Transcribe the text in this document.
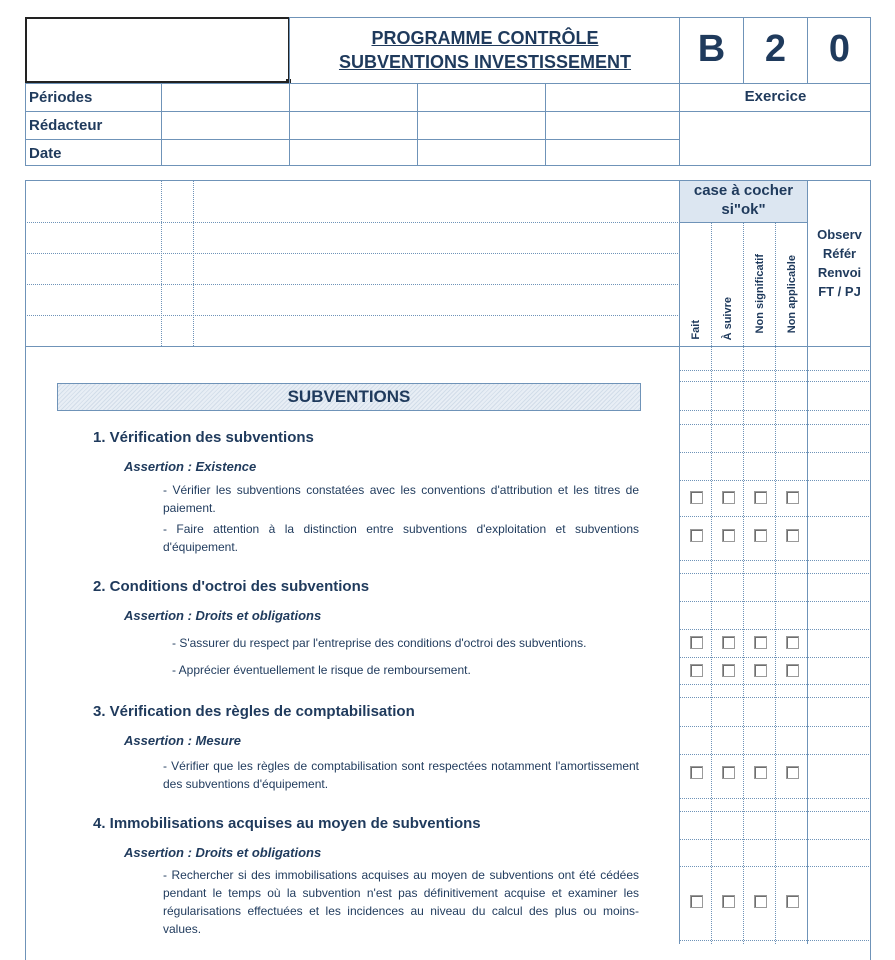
PROGRAMME CONTRÔLE
SUBVENTIONS INVESTISSEMENT	B	2	0
Périodes
Rédacteur
Date
Exercice
case à cocher
si"ok"
Fait À suivre Non significatif Non applicable
Observ
Référ
Renvoi
FT / PJ
SUBVENTIONS
1. Vérification des subventions
Assertion : Existence
- Vérifier les subventions constatées avec les conventions d'attribution et les titres de paiement.
- Faire attention à la distinction entre subventions d'exploitation et subventions d'équipement.
2. Conditions d'octroi des subventions
Assertion : Droits et obligations
- S'assurer du respect par l'entreprise des conditions d'octroi des subventions.
- Apprécier éventuellement le risque de remboursement.
3. Vérification des règles de comptabilisation
Assertion : Mesure
- Vérifier que les règles de comptabilisation sont respectées notamment l'amortissement des subventions d'équipement.
4. Immobilisations acquises au moyen de subventions
Assertion : Droits et obligations
- Rechercher si des immobilisations acquises au moyen de subventions ont été cédées pendant le temps où la subvention n'est pas définitivement acquise et examiner les régularisations effectuées et les incidences au niveau du calcul des plus ou moins-values.
